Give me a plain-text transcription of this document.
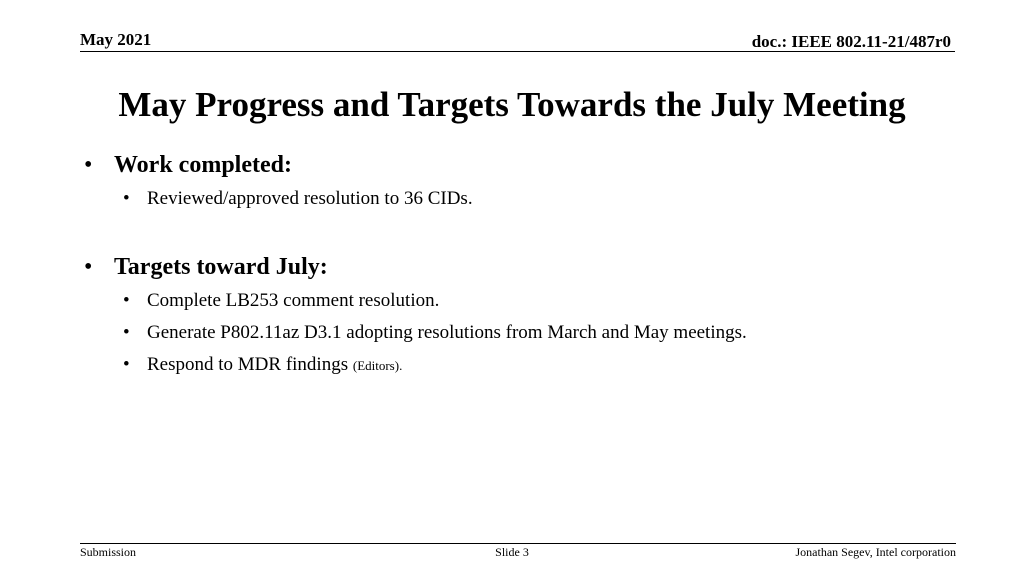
May 2021	doc.: IEEE 802.11-21/487r0
May Progress and Targets Towards the July Meeting
• Work completed:
• Reviewed/approved resolution to 36 CIDs.
• Targets toward July:
• Complete LB253 comment resolution.
• Generate P802.11az D3.1 adopting resolutions from March and May meetings.
• Respond to MDR findings (Editors).
Submission	Slide 3	Jonathan Segev, Intel corporation
